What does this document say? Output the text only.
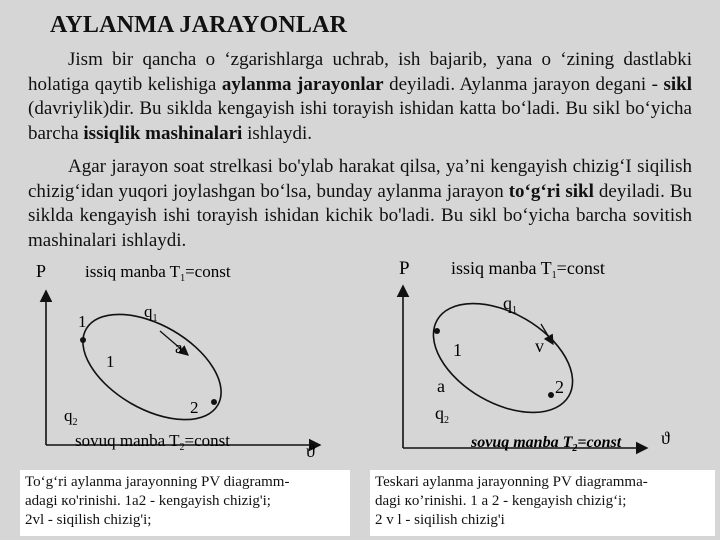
AYLANMA JARAYONLAR
Jism bir qancha o ‘zgarishlarga uchrab, ish bajarib, yana o ‘zining dastlabki holatiga qaytib kelishiga aylanma jarayonlar deyiladi. Aylanma jarayon degani - sikl (davriylik)dir. Bu siklda kengayish ishi torayish ishidan katta bo‘ladi. Bu sikl bo‘yicha barcha issiqlik mashinalari ishlaydi.
Agar jarayon soat strelkasi bo'ylab harakat qilsa, ya’ni kengayish chizig‘I siqilish chizig‘idan yuqori joylashgan bo‘lsa, bunday aylanma jarayon to‘g‘ri sikl deyiladi. Bu siklda kengayish ishi torayish ishidan kichik bo'ladi. Bu sikl bo‘yicha barcha sovitish mashinalari ishlaydi.
P
ϑ
issiq manba $T_1=const$
sovuq manba $T_2=const$
1
2
a
1
$q_1$
$q_2$
P
ϑ
issiq manba $T_1=const$
sovuq manba $T_2=const$
1
2
a
v
$q_1$
$q_2$
To‘g‘ri aylanma jarayonning PV diagramm-
adagi кo'rinishi. 1a2 - kengayish chizig'i;
2vl - siqilish chizig'i;
Teskari aylanma jarayonning PV diagramma-
dagi кo’rinishi. 1 a 2 - kengayish chizig‘i;
2 v l - siqilish chizig'i
